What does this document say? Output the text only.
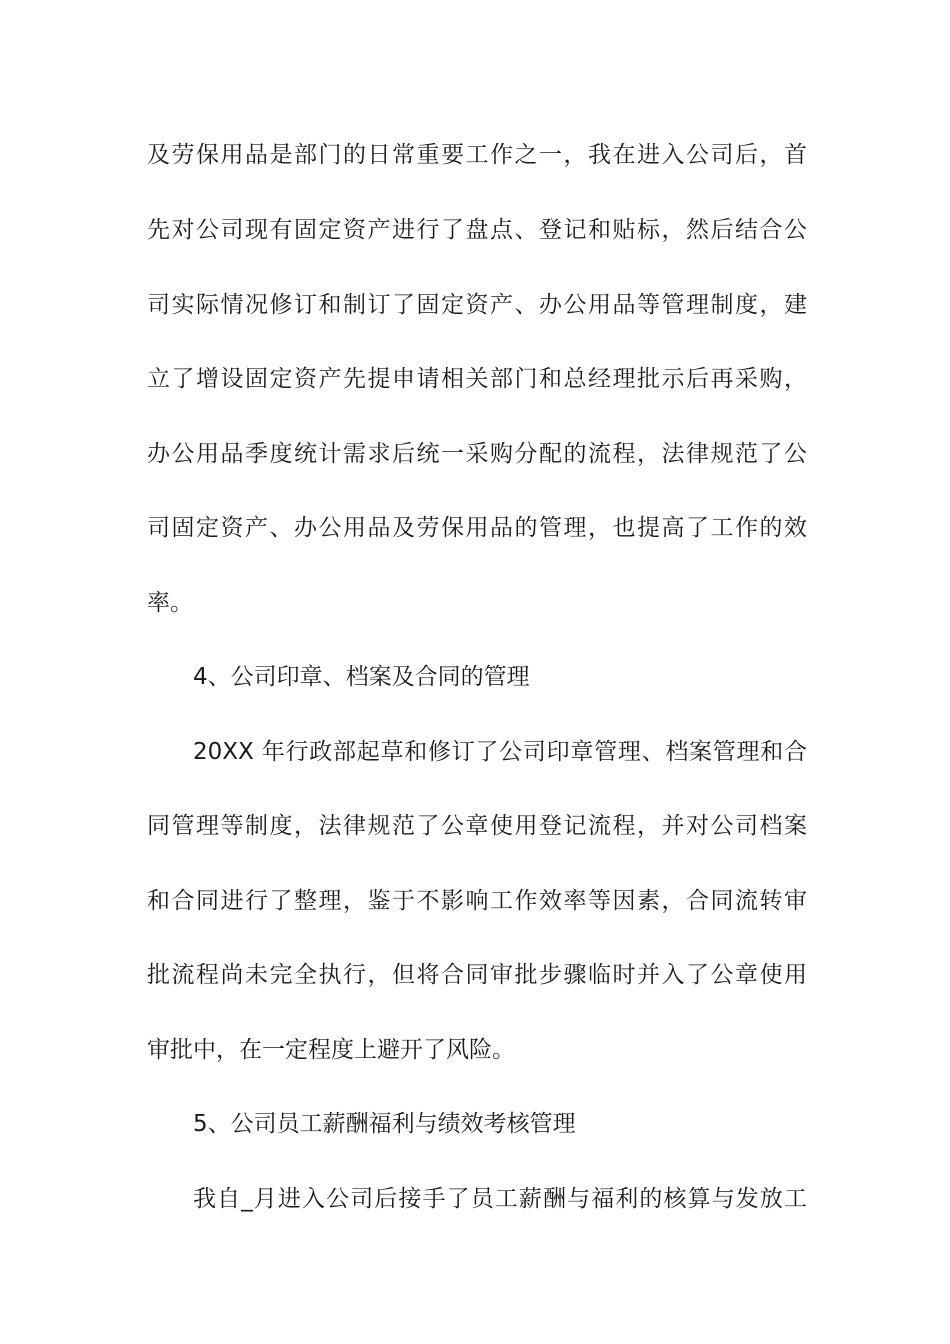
及劳保用品是部门的日常重要工作之一，我在进入公司后，首
先对公司现有固定资产进行了盘点、登记和贴标，然后结合公
司实际情况修订和制订了固定资产、办公用品等管理制度，建
立了增设固定资产先提申请相关部门和总经理批示后再采购，
办公用品季度统计需求后统一采购分配的流程，法律规范了公
司固定资产、办公用品及劳保用品的管理，也提高了工作的效
率。
4、公司印章、档案及合同的管理
20XX 年行政部起草和修订了公司印章管理、档案管理和合
同管理等制度，法律规范了公章使用登记流程，并对公司档案
和合同进行了整理，鉴于不影响工作效率等因素，合同流转审
批流程尚未完全执行，但将合同审批步骤临时并入了公章使用
审批中，在一定程度上避开了风险。
5、公司员工薪酬福利与绩效考核管理
我自_月进入公司后接手了员工薪酬与福利的核算与发放工
